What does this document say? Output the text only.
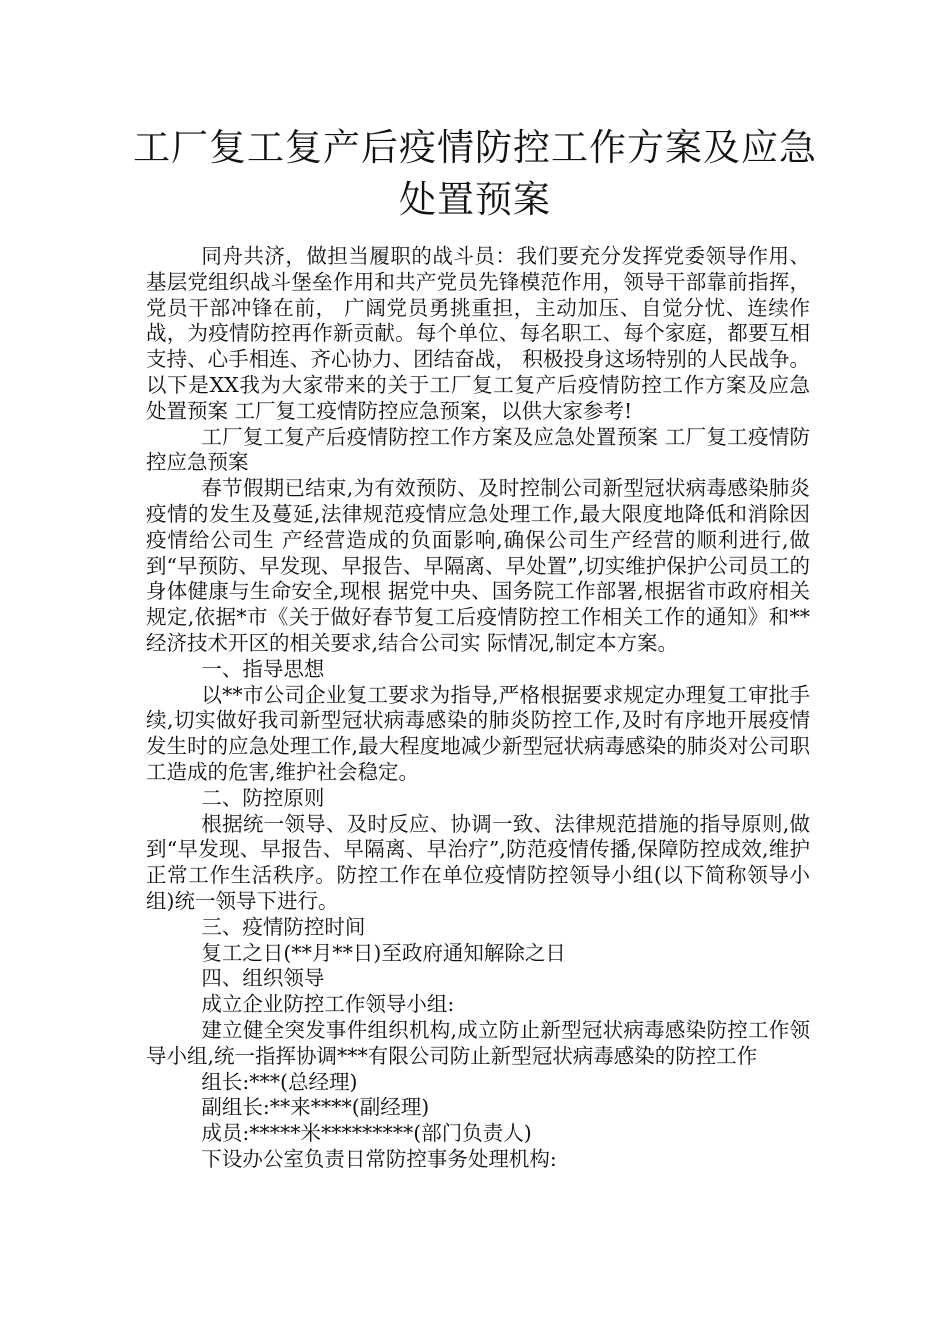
工厂复工复产后疫情防控工作方案及应急
处置预案

同舟共济，做担当履职的战斗员：我们要充分发挥党委领导作用、基层党组织战斗堡垒作用和共产党员先锋模范作用，领导干部靠前指挥，党员干部冲锋在前， 广阔党员勇挑重担，主动加压、自觉分忧、连续作战，为疫情防控再作新贡献。每个单位、每名职工、每个家庭，都要互相支持、心手相连、齐心协力、团结奋战， 积极投身这场特别的人民战争。以下是XX我为大家带来的关于工厂复工复产后疫情防控工作方案及应急处置预案 工厂复工疫情防控应急预案，以供大家参考!

工厂复工复产后疫情防控工作方案及应急处置预案 工厂复工疫情防控应急预案

春节假期已结束,为有效预防、及时控制公司新型冠状病毒感染肺炎疫情的发生及蔓延,法律规范疫情应急处理工作,最大限度地降低和消除因疫情给公司生 产经营造成的负面影响,确保公司生产经营的顺利进行,做到“早预防、早发现、早报告、早隔离、早处置”,切实维护保护公司员工的身体健康与生命安全,现根 据党中央、国务院工作部署,根据省市政府相关规定,依据*市《关于做好春节复工后疫情防控工作相关工作的通知》和**经济技术开区的相关要求,结合公司实 际情况,制定本方案。

一、指导思想

以**市公司企业复工要求为指导,严格根据要求规定办理复工审批手续,切实做好我司新型冠状病毒感染的肺炎防控工作,及时有序地开展疫情发生时的应急处理工作,最大程度地减少新型冠状病毒感染的肺炎对公司职工造成的危害,维护社会稳定。

二、防控原则

根据统一领导、及时反应、协调一致、法律规范措施的指导原则,做到“早发现、早报告、早隔离、早治疗”,防范疫情传播,保障防控成效,维护正常工作生活秩序。防控工作在单位疫情防控领导小组(以下简称领导小组)统一领导下进行。

三、疫情防控时间

复工之日(**月**日)至政府通知解除之日

四、组织领导

成立企业防控工作领导小组:

建立健全突发事件组织机构,成立防止新型冠状病毒感染防控工作领导小组,统一指挥协调***有限公司防止新型冠状病毒感染的防控工作

组长:***(总经理)

副组长:**来****(副经理)

成员:*****米*********(部门负责人)

下设办公室负责日常防控事务处理机构:
